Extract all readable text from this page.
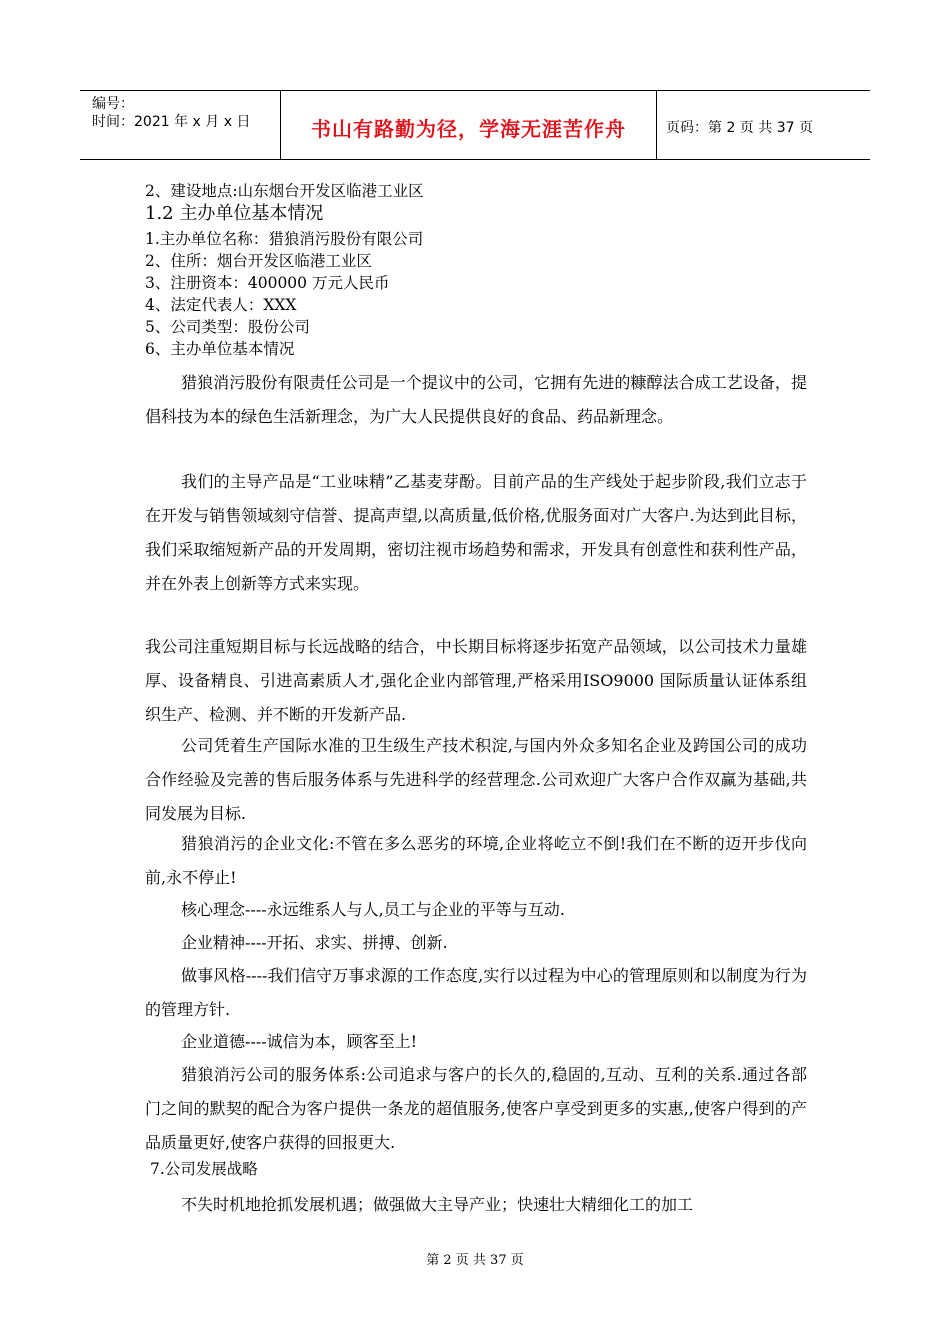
编号：
时间：2021 年 x 月 x 日	书山有路勤为径，学海无涯苦作舟	页码：第 2 页 共 37 页
2、建设地点:山东烟台开发区临港工业区
1.2 主办单位基本情况
1.主办单位名称：猎狼消污股份有限公司
2、住所：烟台开发区临港工业区
3、注册资本：400000 万元人民币
4、法定代表人：XXX
5、公司类型：股份公司
6、主办单位基本情况
猎狼消污股份有限责任公司是一个提议中的公司，它拥有先进的糠醇法合成工艺设备，提倡科技为本的绿色生活新理念，为广大人民提供良好的食品、药品新理念。
我们的主导产品是“工业味精”乙基麦芽酚。目前产品的生产线处于起步阶段,我们立志于在开发与销售领域刻守信誉、提高声望,以高质量,低价格,优服务面对广大客户.为达到此目标，我们采取缩短新产品的开发周期，密切注视市场趋势和需求，开发具有创意性和获利性产品，并在外表上创新等方式来实现。
我公司注重短期目标与长远战略的结合，中长期目标将逐步拓宽产品领域，以公司技术力量雄厚、设备精良、引进高素质人才,强化企业内部管理,严格采用ISO9000 国际质量认证体系组织生产、检测、并不断的开发新产品.
公司凭着生产国际水准的卫生级生产技术积淀,与国内外众多知名企业及跨国公司的成功合作经验及完善的售后服务体系与先进科学的经营理念.公司欢迎广大客户合作双赢为基础,共同发展为目标.
猎狼消污的企业文化:不管在多么恶劣的环境,企业将屹立不倒!我们在不断的迈开步伐向前,永不停止!
核心理念----永远维系人与人,员工与企业的平等与互动.
企业精神----开拓、求实、拼搏、创新.
做事风格----我们信守万事求源的工作态度,实行以过程为中心的管理原则和以制度为行为的管理方针.
企业道德----诚信为本，顾客至上!
猎狼消污公司的服务体系:公司追求与客户的长久的,稳固的,互动、互利的关系.通过各部门之间的默契的配合为客户提供一条龙的超值服务,使客户享受到更多的实惠,,使客户得到的产品质量更好,使客户获得的回报更大.
7.公司发展战略
不失时机地抢抓发展机遇；做强做大主导产业；快速壮大精细化工的加工
第 2 页 共 37 页
